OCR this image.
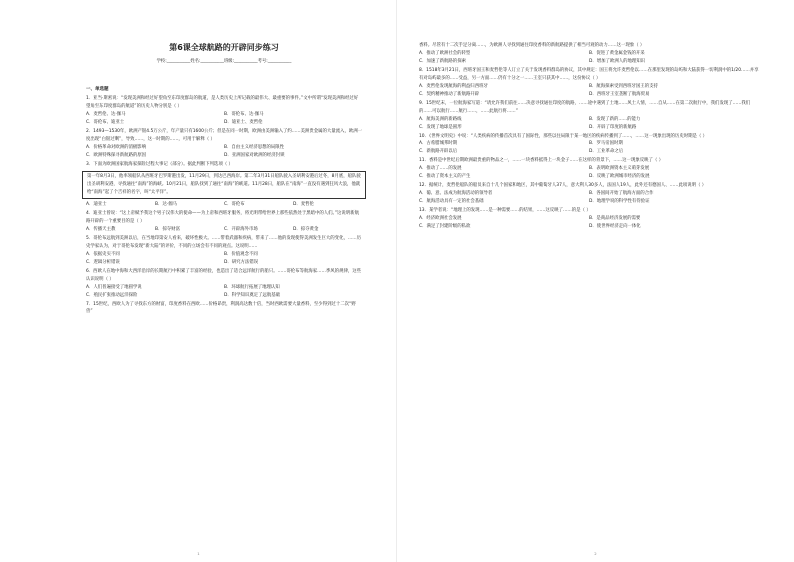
第6课全球航路的开辟同步练习
学校:___________姓名:___________班级:___________考号:___________
一、单选题
1．亚当·斯密说：“发现美洲和经过好望角至东印度群岛的航道，是人类历史上所记载的最伟大、最重要的事件。”文中所谓“发现美洲和经过好望角至东印度群岛的航道”的历史人物分别是（ ）
A．麦哲伦、达·伽马	B．哥伦布、达·伽马
C．哥伦布、迪亚士	D．迪亚士、麦哲伦
2．1493—1530年，欧洲产银4.5万公斤，年产量只有1600公斤；但是在同一时期，欧洲由美洲输入了约……美洲贵金属的大量流入，欧洲一度出现“白银过剩”，导致……，这一时期的……，可用于解释（ ）
A．价格革命对欧洲的消极影响	B．自由主义经济思想的局限性
C．欧洲特殊探寻新航路的原因	D．亚洲国家对欧洲的经济封锁
3．下面为欧洲国家航海家探险过程大事记（部分）。据此判断下列选项（ ）
第一年8月3日，他率领船队从西班牙巴罗斯港出发，11月29日，到达巴西海岸。第二年3月31日船队驶入圣胡利安港后过冬，8月底，船队驶出圣胡利安港，寻找通往“南海”的海峡。10月21日，船队找到了通往“南海”的峡道。11月28日，船队在“南海”一直没有遇到狂风大浪，他就给“南海”起了个吉祥的名字，叫“太平洋”。
A．迪亚士	B．达·伽马	C．哥伦布	D．麦哲伦
4．迪亚士曾说：“这上帝赋予我这个男子汉伟大的使命——为上帝和西班牙服务，将光明带给世界上那些依然处于黑暗中的人们。”这说明新航路开辟的一个重要目的是（ ）
A．传播天主教	B．掠夺财富	C．开辟海外市场	D．掠夺黄金
5．哥伦布远航到美洲以后，在当地印第安人看来，破坏性极大。……带着武器和疾病，带来了……他的发现使得美洲发生巨大的变化，……历史学家认为，对于哥伦布发现“新大陆”的评价，不同的立场会有不同的观点。这说明……
A．依据史实不同	B．价值观念不同
C．逻辑分析错误	D．研究方法错误
6．西欧人在地中海和大西洋沿岸的长期航行中积累了丰富的经验，也造出了适合远洋航行的船只。……哥伦布等航海家……季风的规律，这些认识说明（ ）
A．人们普遍接受了地圆学说	B．环球航行拓展了地理认知
C．殖民扩张推动远洋探险	D．科学知识奠定了远航基础
7．15世纪，西欧人为了寻找东方的财富，印度香料在西欧……价格昂贵，利润高达数十倍，当时西欧需要大量香料，至少得到过十二次“野兽”
1
香料。尽管有十二次手足分离……，为欧洲人寻找到通往印度香料的新航路提供了相当可观的动力……这一现象（ ）
A．推动了欧洲社会的转型	B．促进了黄金属金钱的开采
C．加速了新航路的探索	D．增加了欧洲人的地理知识
8．1518年3月21日，西班牙国王和麦哲伦等人订立了关于发现香料群岛的协议，其中规定：国王将允许麦哲伦以……在那里发现的岛屿和大陆获得一切利润中的1/20……并享有对岛屿最多的……受益，另一方面……仍有十分之一……王室只获其中……，这份协议（ ）
A．麦哲伦发现航海的利益归西班牙	B．航海探索受到西班牙国王的支持
C．契约精神推动了新航路开辟	D．西班牙王室垄断了航海贸易
9．15世纪末，一位航海家写道：“请允许我们前往……决意寻找通往印度的航路，……途中遇到了土地……风土人情，……自从……在第二次航行中，我们发现了……我们的……可以航行……航行……，……此航行将……”
A．航海美洲的新路线	B．发现了新的……的能力
C．发现了地球是圆形	D．开辟了印度的新航路
10．《世界文明史》中说：“人类疾病的传播首次具有了国际性，那些以往局限于某一地区的疾病传播到了……，……这一现象出现的历史时期是（ ）
A．古希腊城邦时期	B．罗马帝国时期
C．新航路开辟以后	D．工业革命之后
11．香料是中世纪后期欧洲最贵重的物品之一，……一块香料抵得上一块金子……在这样的背景下，……这一现象反映了（ ）
A．推动了……的发展	B．表明欧洲资本主义萌芽发展
C．推动了资本主义的产生	D．反映了欧洲城市经济的发展
12．据统计，麦哲伦船队的船员来自十几个国家和地区，其中葡萄牙人37人，意大利人30多人，法国人19人，此外还有德国人、……此项说明（ ）
A．葡、意、法成为航海活动的领导者	B．各国间开始了航海方面的合作
C．航海活动具有一定的社会基础	D．地理学说的科学性有待验证
13．某学者说：“地理上的发现……是一种需要……的结果，……这反映了……的是（ ）
A．经济欧洲社会发展	B．是商品经济发展的需要
C．满足了封建阶级的私欲	D．使世界经济走向一体化
2
